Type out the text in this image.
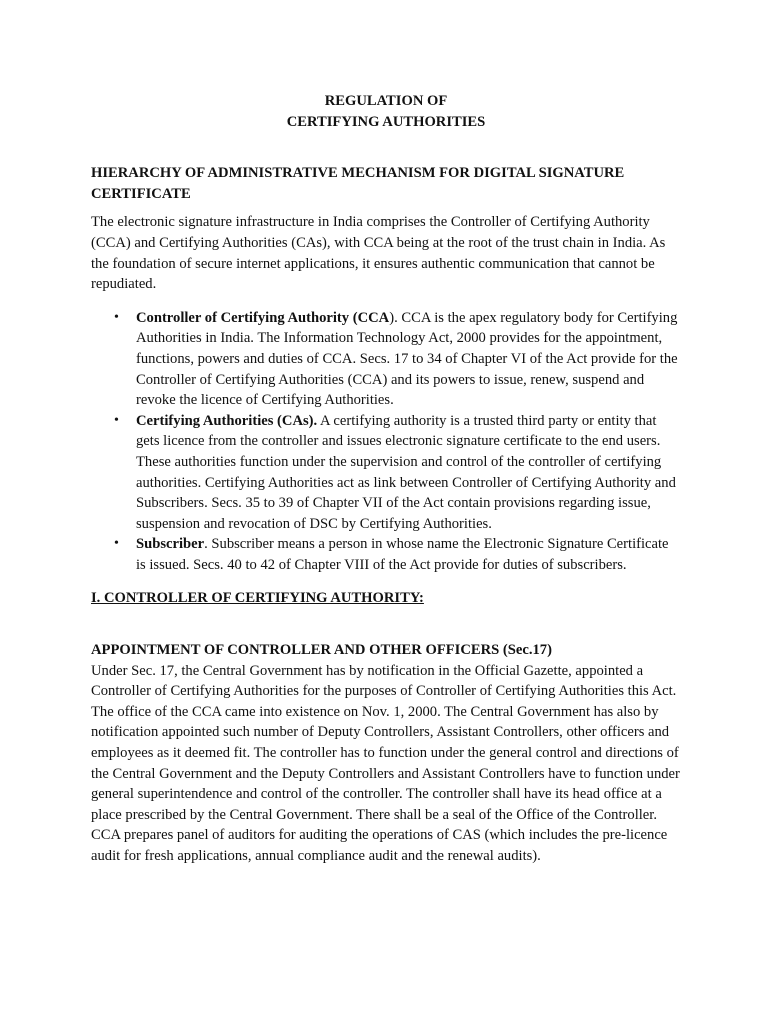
REGULATION OF

CERTIFYING AUTHORITIES

HIERARCHY OF ADMINISTRATIVE MECHANISM FOR DIGITAL SIGNATURE CERTIFICATE

The electronic signature infrastructure in India comprises the Controller of Certifying Authority (CCA) and Certifying Authorities (CAs), with CCA being at the root of the trust chain in India. As the foundation of secure internet applications, it ensures authentic communication that cannot be repudiated.

• Controller of Certifying Authority (CCA). CCA is the apex regulatory body for Certifying Authorities in India. The Information Technology Act, 2000 provides for the appointment, functions, powers and duties of CCA. Secs. 17 to 34 of Chapter VI of the Act provide for the Controller of Certifying Authorities (CCA) and its powers to issue, renew, suspend and revoke the licence of Certifying Authorities.
• Certifying Authorities (CAs). A certifying authority is a trusted third party or entity that gets licence from the controller and issues electronic signature certificate to the end users. These authorities function under the supervision and control of the controller of certifying authorities. Certifying Authorities act as link between Controller of Certifying Authority and Subscribers. Secs. 35 to 39 of Chapter VII of the Act contain provisions regarding issue, suspension and revocation of DSC by Certifying Authorities.
• Subscriber. Subscriber means a person in whose name the Electronic Signature Certificate is issued. Secs. 40 to 42 of Chapter VIII of the Act provide for duties of subscribers.

I. CONTROLLER OF CERTIFYING AUTHORITY:

APPOINTMENT OF CONTROLLER AND OTHER OFFICERS (Sec.17)

Under Sec. 17, the Central Government has by notification in the Official Gazette, appointed a Controller of Certifying Authorities for the purposes of Controller of Certifying Authorities this Act. The office of the CCA came into existence on Nov. 1, 2000. The Central Government has also by notification appointed such number of Deputy Controllers, Assistant Controllers, other officers and employees as it deemed fit. The controller has to function under the general control and directions of the Central Government and the Deputy Controllers and Assistant Controllers have to function under general superintendence and control of the controller. The controller shall have its head office at a place prescribed by the Central Government. There shall be a seal of the Office of the Controller.

CCA prepares panel of auditors for auditing the operations of CAS (which includes the pre-licence audit for fresh applications, annual compliance audit and the renewal audits).
